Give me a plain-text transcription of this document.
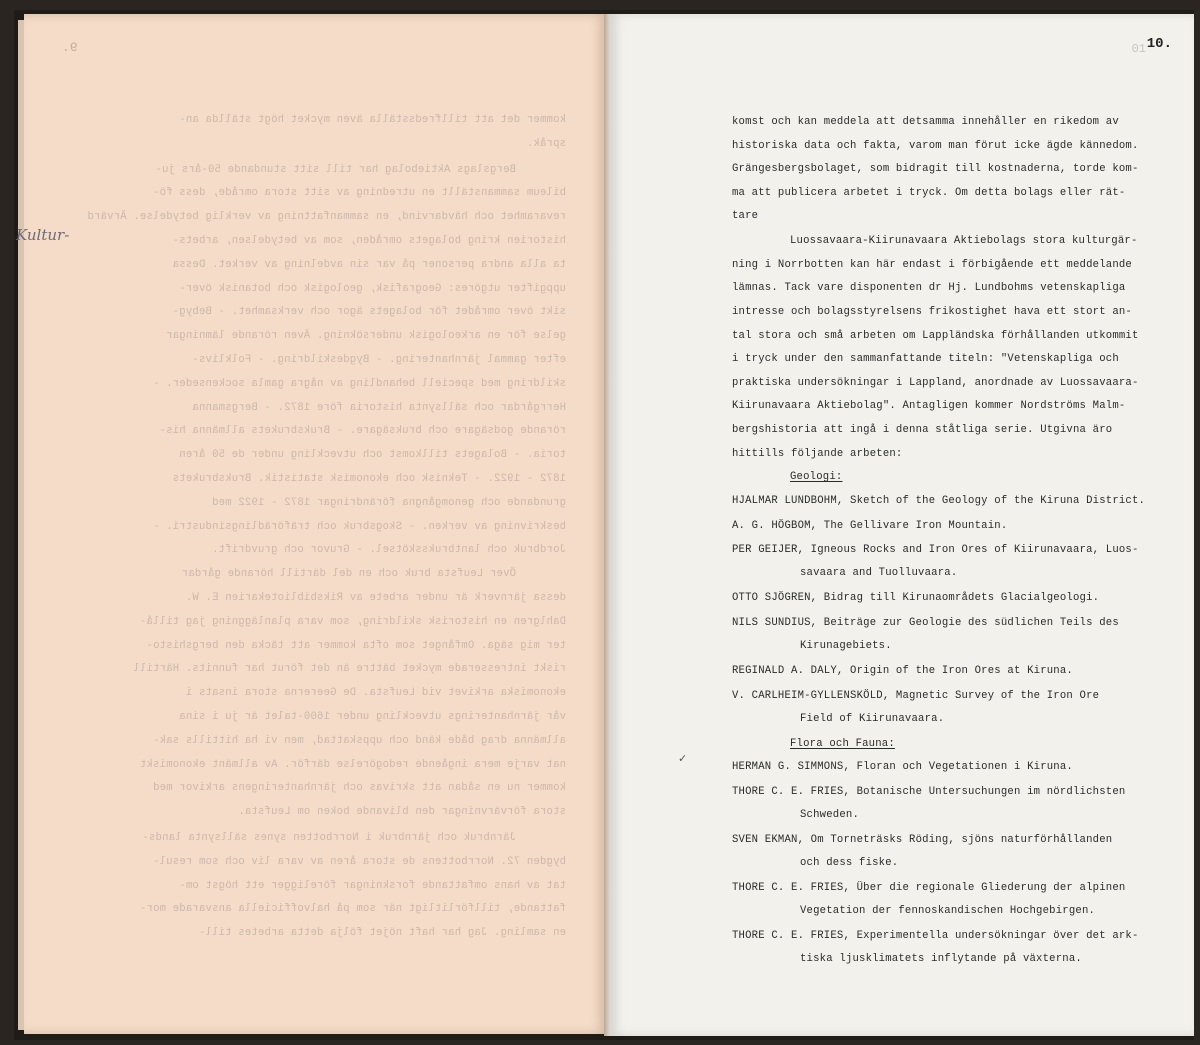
kommer det att tillfredsställa även mycket högt ställda an-
språk.
Bergslags Aktiebolag har till sitt stundande 50-års ju-
bileum sammanställt en utredning av sitt stora område, dess fö-
revaramhet och hävdarvind, en sammanfattning av verklig betydelse. Ärvärd
historien kring bolagets områden, som av betydelsen, arbets-
ta alla andra personer på var sin avdelning av verket. Dessa
uppgifter utgöres: Geografisk, geologisk och botanisk över-
sikt över området för bolagets ägor och verksamhet. - Bebyg-
gelse för en arkeologisk undersökning. Även rörande lämningar
efter gammal järnhantering. - Bygdeskildring. - Folklivs-
skildring med speciell behandling av några gamla sockenseder. -
Herrgårdar och sällsynta historia före 1872. - Bergsmanna
rörande godsägare och bruksägare. - Bruksbrukets allmänna his-
toria. - Bolagets tillkomst och utveckling under de 50 åren
1872 - 1922. - Teknisk och ekonomisk statistik. Bruksbrukets
grundande och genomgångna förändringar 1872 - 1922 med
beskrivning av verken. - Skogsbruk och träförädlingsindustri. -
Jordbruk och lantbruksskötsel. - Gruvor och gruvdrift.
Över Leufsta bruk och en del därtill hörande gårdar
dessa järnverk är under arbete av Riksbibliotekarien E. W.
Dahlgren en historisk skildring, som vara planläggning jag tillå-
ter mig säga. Omfånget som ofta kommer att täcka den bergshisto-
riskt intresserade mycket bättre än det förut har funnits. Härtill
ekonomiska arkivet vid Leufsta. De Geererna stora insats i
vår järnhanterings utveckling under 1600-talet är ju i sina
allmänna drag både känd och uppskattad, men vi ha hittills sak-
nat varje mera ingående redogörelse därför. Av allmänt ekonomiskt
kommer nu en sådan att skrivas och järnhanteringens arkivor med
stora förvärvningar den blivande boken om Leufsta.
Järnbruk och järnbruk i Norrbotten synes sällsynta lands-
bygden 72. Norrbottens de stora åren av vara liv och som resul-
tat av hans omfattande forskningar föreligger ett högst om-
fattande, tillförlitligt när som på halvofficiella ansvarade mor-
en samling. Jag har haft nöjet följa detta arbetes till-
9.
Kultur-
01 10.
komst och kan meddela att detsamma innehåller en rikedom av
historiska data och fakta, varom man förut icke ägde kännedom.
Grängesbergsbolaget, som bidragit till kostnaderna, torde kom-
ma att publicera arbetet i tryck. Om detta bolags eller rät-
tare
Luossavaara-Kiirunavaara Aktiebolags stora kulturgär-
ning i Norrbotten kan här endast i förbigående ett meddelande
lämnas. Tack vare disponenten dr Hj. Lundbohms vetenskapliga
intresse och bolagsstyrelsens frikostighet hava ett stort an-
tal stora och små arbeten om Lappländska förhållanden utkommit
i tryck under den sammanfattande titeln: "Vetenskapliga och
praktiska undersökningar i Lappland, anordnade av Luossavaara-
Kiirunavaara Aktiebolag". Antagligen kommer Nordströms Malm-
bergshistoria att ingå i denna ståtliga serie. Utgivna äro
hittills följande arbeten:
Geologi:
HJALMAR LUNDBOHM, Sketch of the Geology of the Kiruna District.
A. G. HÖGBOM, The Gellivare Iron Mountain.
PER GEIJER, Igneous Rocks and Iron Ores of Kiirunavaara, Luos-
savaara and Tuolluvaara.
OTTO SJÖGREN, Bidrag till Kirunaområdets Glacialgeologi.
NILS SUNDIUS, Beiträge zur Geologie des südlichen Teils des
Kirunagebiets.
REGINALD A. DALY, Origin of the Iron Ores at Kiruna.
V. CARLHEIM-GYLLENSKÖLD, Magnetic Survey of the Iron Ore
Field of Kiirunavaara.
Flora och Fauna:
HERMAN G. SIMMONS, Floran och Vegetationen i Kiruna.
THORE C. E. FRIES, Botanische Untersuchungen im nördlichsten
Schweden.
SVEN EKMAN, Om Torneträsks Röding, sjöns naturförhållanden
och dess fiske.
THORE C. E. FRIES, Über die regionale Gliederung der alpinen
Vegetation der fennoskandischen Hochgebirgen.
THORE C. E. FRIES, Experimentella undersökningar över det ark-
tiska ljusklimatets inflytande på växterna.
✓
